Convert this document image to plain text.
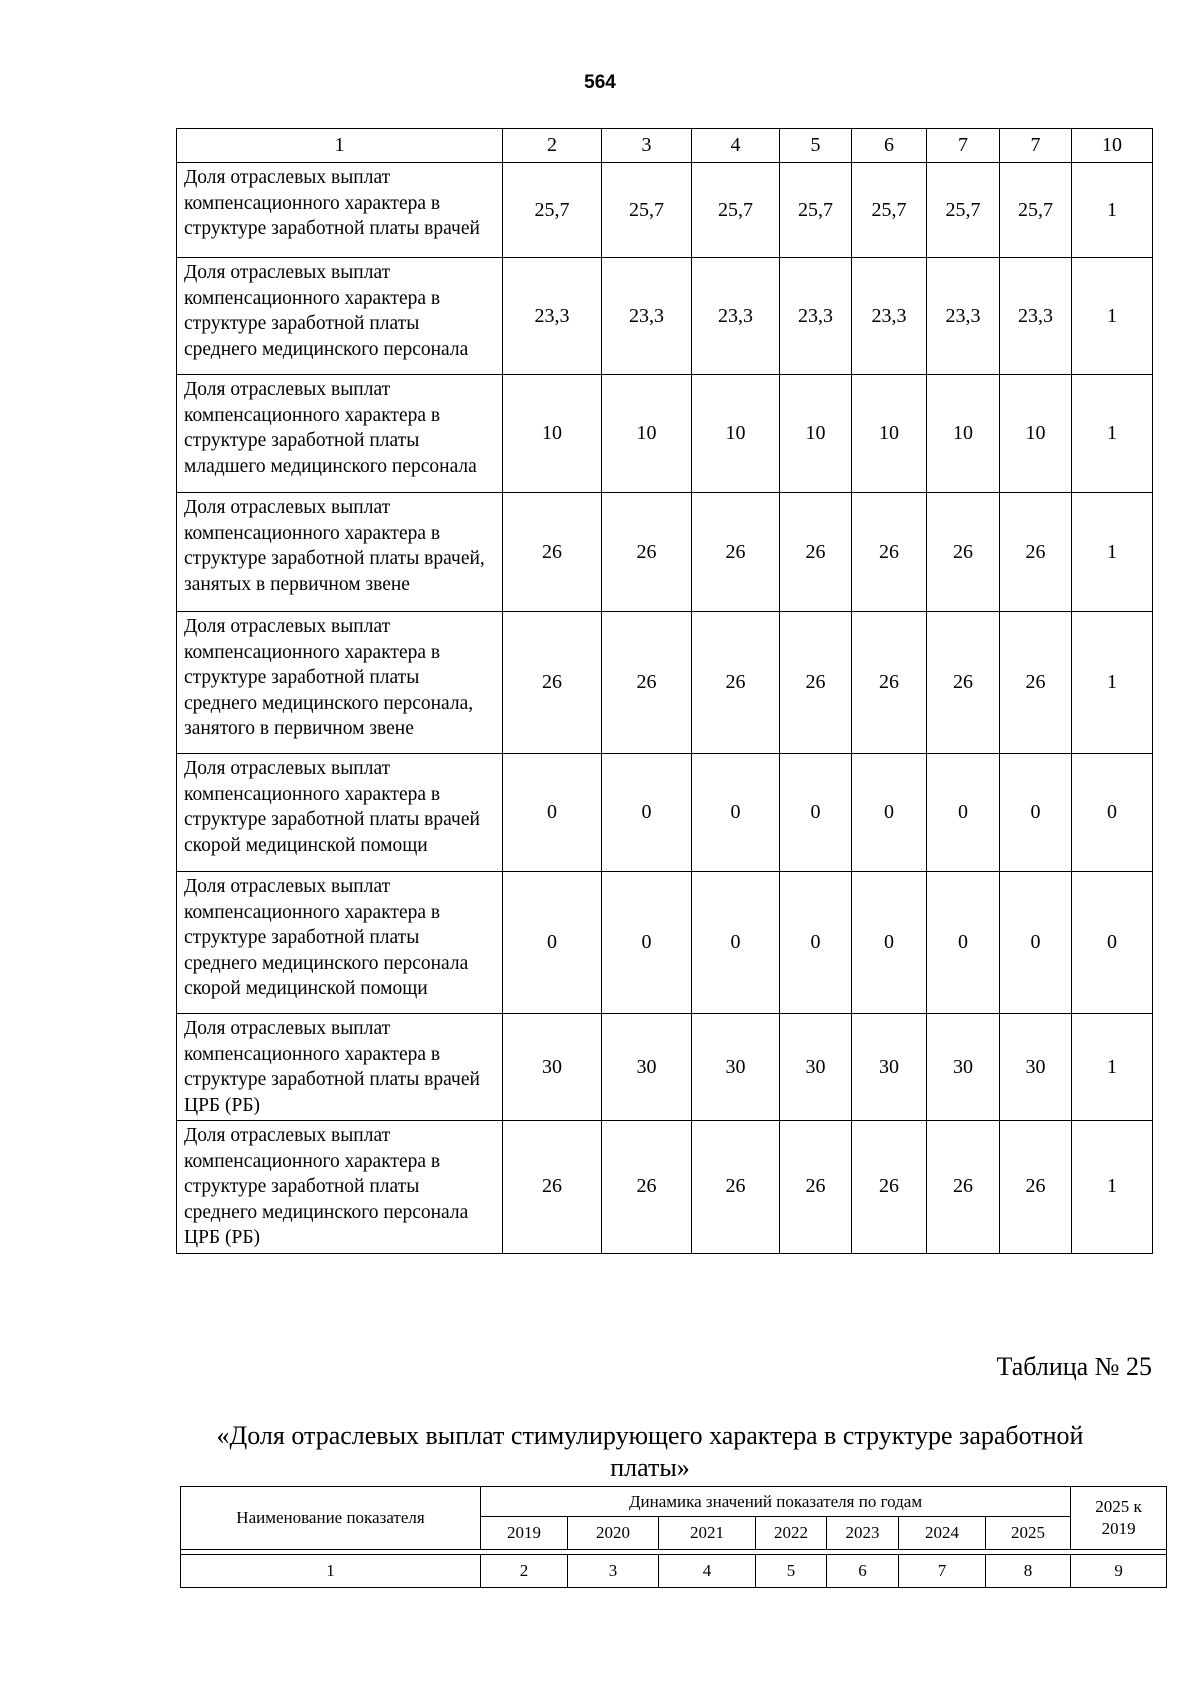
564
1	2	3	4	5	6	7	7	10
Доля отраслевых выплат компенсационного характера в структуре заработной платы врачей	25,7	25,7	25,7	25,7	25,7	25,7	25,7	1
Доля отраслевых выплат компенсационного характера в структуре заработной платы среднего медицинского персонала	23,3	23,3	23,3	23,3	23,3	23,3	23,3	1
Доля отраслевых выплат компенсационного характера в структуре заработной платы младшего медицинского персонала	10	10	10	10	10	10	10	1
Доля отраслевых выплат компенсационного характера в структуре заработной платы врачей, занятых в первичном звене	26	26	26	26	26	26	26	1
Доля отраслевых выплат компенсационного характера в структуре заработной платы среднего медицинского персонала, занятого в первичном звене	26	26	26	26	26	26	26	1
Доля отраслевых выплат компенсационного характера в структуре заработной платы врачей скорой медицинской помощи	0	0	0	0	0	0	0	0
Доля отраслевых выплат компенсационного характера в структуре заработной платы среднего медицинского персонала скорой медицинской помощи	0	0	0	0	0	0	0	0
Доля отраслевых выплат компенсационного характера в структуре заработной платы врачей ЦРБ (РБ)	30	30	30	30	30	30	30	1
Доля отраслевых выплат компенсационного характера в структуре заработной платы среднего медицинского персонала ЦРБ (РБ)	26	26	26	26	26	26	26	1
Таблица № 25
«Доля отраслевых выплат стимулирующего характера в структуре заработной платы»
Наименование показателя	Динамика значений показателя по годам							2025 к 2019
	2019	2020	2021	2022	2023	2024	2025	

1	2	3	4	5	6	7	8	9
